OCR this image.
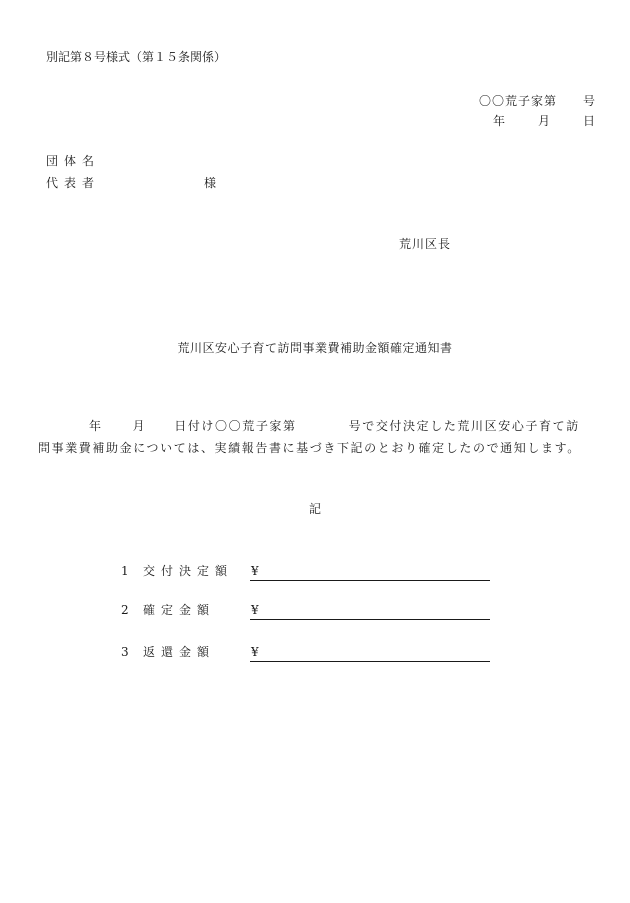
別記第８号様式（第１５条関係）
〇〇荒子家第 号
年	月	日
団体名
代表者	様
荒川区長
荒川区安心子育て訪問事業費補助金額確定通知書
年	月 日付け〇〇荒子家第	号で交付決定した荒川区安心子育て訪
問事業費補助金については、実績報告書に基づき下記のとおり確定したので通知します。
記
1 交付決定額 ¥
2 確定金額	¥
3 返還金額	¥
